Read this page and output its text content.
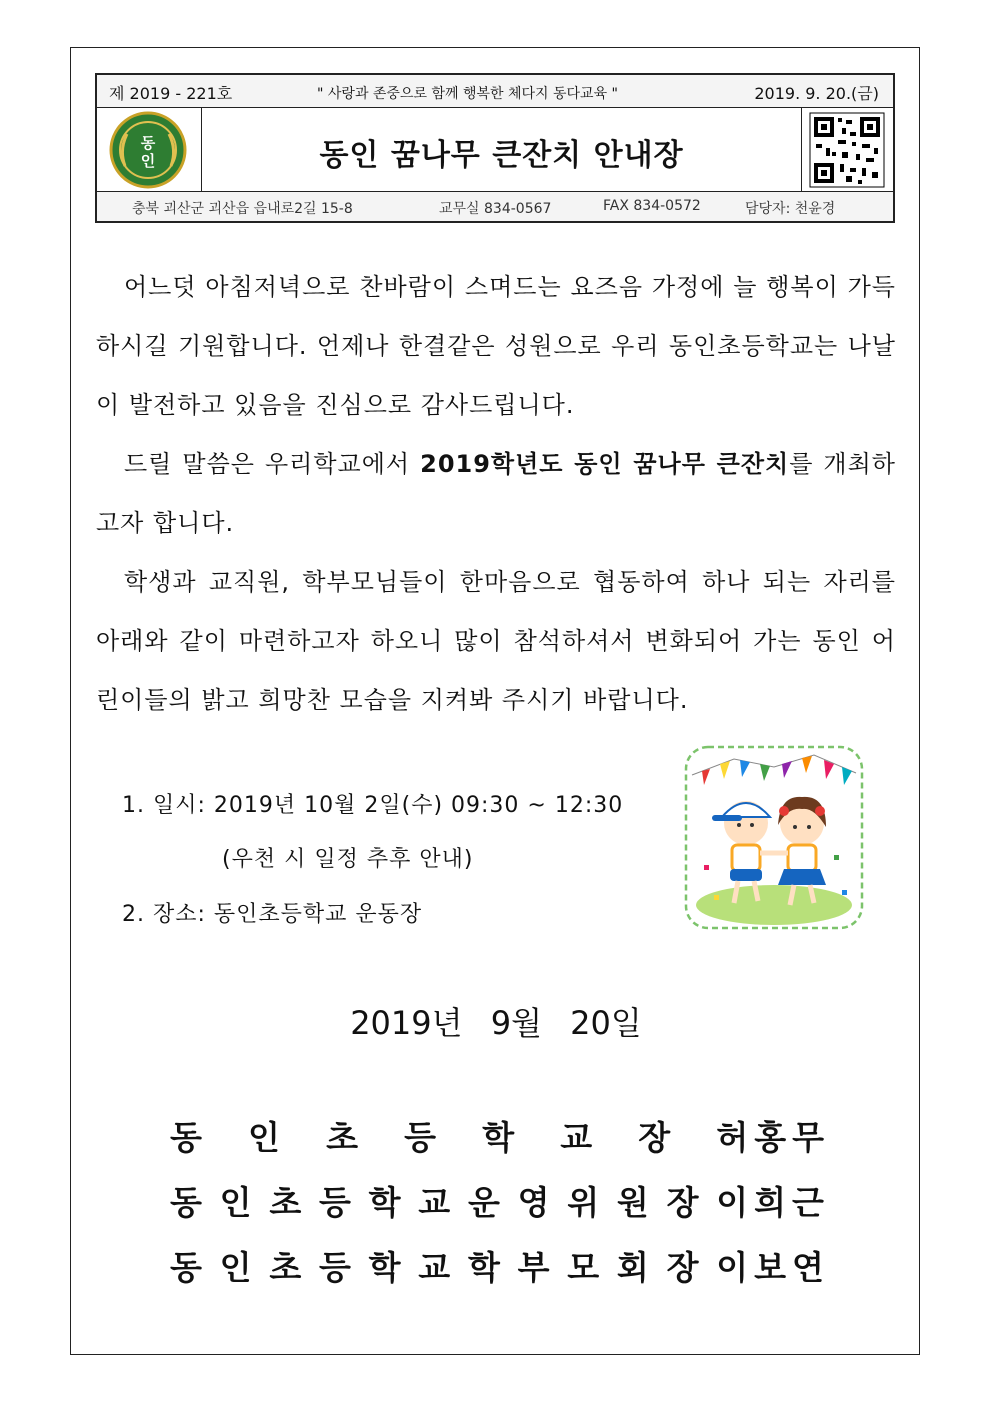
제 2019 - 221호	" 사랑과 존중으로 함께 행복한 체다지 동다교육 "	2019. 9. 20.(금)
동
인	동인 꿈나무 큰잔치 안내장
충북 괴산군 괴산읍 읍내로2길 15-8	교무실 834-0567	FAX 834-0572	담당자: 천윤경
어느덧 아침저녁으로 찬바람이 스며드는 요즈음 가정에 늘 행복이 가득하시길 기원합니다. 언제나 한결같은 성원으로 우리 동인초등학교는 나날이 발전하고 있음을 진심으로 감사드립니다.
드릴 말씀은 우리학교에서 2019학년도 동인 꿈나무 큰잔치를 개최하고자 합니다.
학생과 교직원, 학부모님들이 한마음으로 협동하여 하나 되는 자리를 아래와 같이 마련하고자 하오니 많이 참석하셔서 변화되어 가는 동인 어린이들의 밝고 희망찬 모습을 지켜봐 주시기 바랍니다.
1. 일시: 2019년 10월 2일(수) 09:30 ~ 12:30
(우천 시 일정 추후 안내)
2. 장소: 동인초등학교 운동장
2019년 9월 20일
동 인 초 등 학 교 장 허홍무
동 인 초 등 학 교 운 영 위 원 장 이희근
동 인 초 등 학 교 학 부 모 회 장 이보연
